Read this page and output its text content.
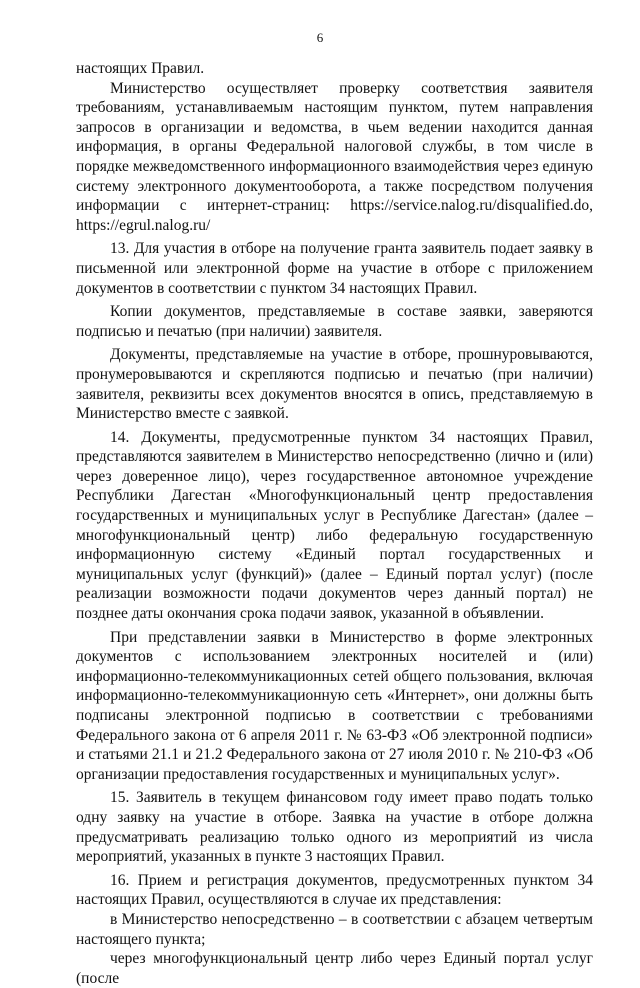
6

настоящих Правил.

Министерство осуществляет проверку соответствия заявителя требованиям, устанавливаемым настоящим пунктом, путем направления запросов в организации и ведомства, в чьем ведении находится данная информация, в органы Федеральной налоговой службы, в том числе в порядке межведомственного информационного взаимодействия через единую систему электронного документооборота, а также посредством получения информации с интернет-страниц: https://service.nalog.ru/disqualified.do, https://egrul.nalog.ru/

13. Для участия в отборе на получение гранта заявитель подает заявку в письменной или электронной форме на участие в отборе с приложением документов в соответствии с пунктом 34 настоящих Правил.

Копии документов, представляемые в составе заявки, заверяются подписью и печатью (при наличии) заявителя.

Документы, представляемые на участие в отборе, прошнуровываются, пронумеровываются и скрепляются подписью и печатью (при наличии) заявителя, реквизиты всех документов вносятся в опись, представляемую в Министерство вместе с заявкой.

14. Документы, предусмотренные пунктом 34 настоящих Правил, представляются заявителем в Министерство непосредственно (лично и (или) через доверенное лицо), через государственное автономное учреждение Республики Дагестан «Многофункциональный центр предоставления государственных и муниципальных услуг в Республике Дагестан» (далее – многофункциональный центр) либо федеральную государственную информационную систему «Единый портал государственных и муниципальных услуг (функций)» (далее – Единый портал услуг) (после реализации возможности подачи документов через данный портал) не позднее даты окончания срока подачи заявок, указанной в объявлении.

При представлении заявки в Министерство в форме электронных документов с использованием электронных носителей и (или) информационно-телекоммуникационных сетей общего пользования, включая информационно-телекоммуникационную сеть «Интернет», они должны быть подписаны электронной подписью в соответствии с требованиями Федерального закона от 6 апреля 2011 г. № 63-ФЗ «Об электронной подписи» и статьями 21.1 и 21.2 Федерального закона от 27 июля 2010 г. № 210-ФЗ «Об организации предоставления государственных и муниципальных услуг».

15. Заявитель в текущем финансовом году имеет право подать только одну заявку на участие в отборе. Заявка на участие в отборе должна предусматривать реализацию только одного из мероприятий из числа мероприятий, указанных в пункте 3 настоящих Правил.

16. Прием и регистрация документов, предусмотренных пунктом 34 настоящих Правил, осуществляются в случае их представления:

в Министерство непосредственно – в соответствии с абзацем четвертым настоящего пункта;

через многофункциональный центр либо через Единый портал услуг (после
